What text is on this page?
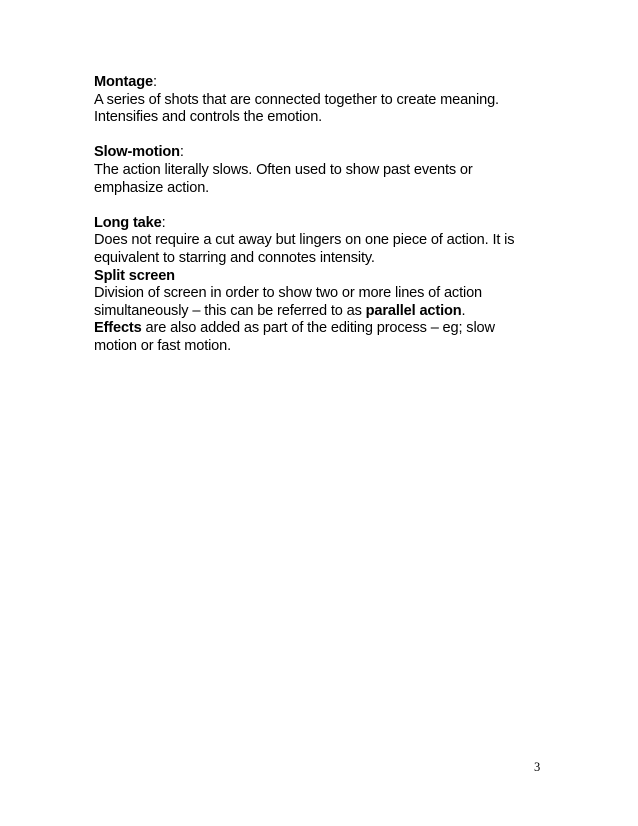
Montage:

A series of shots that are connected together to create meaning.

Intensifies and controls the emotion.

Slow-motion:

The action literally slows. Often used to show past events or

emphasize action.

Long take:

Does not require a cut away but lingers on one piece of action. It is

equivalent to starring and connotes intensity.

Split screen

Division of screen in order to show two or more lines of action

simultaneously – this can be referred to as parallel action.

Effects are also added as part of the editing process – eg; slow

motion or fast motion.

3
